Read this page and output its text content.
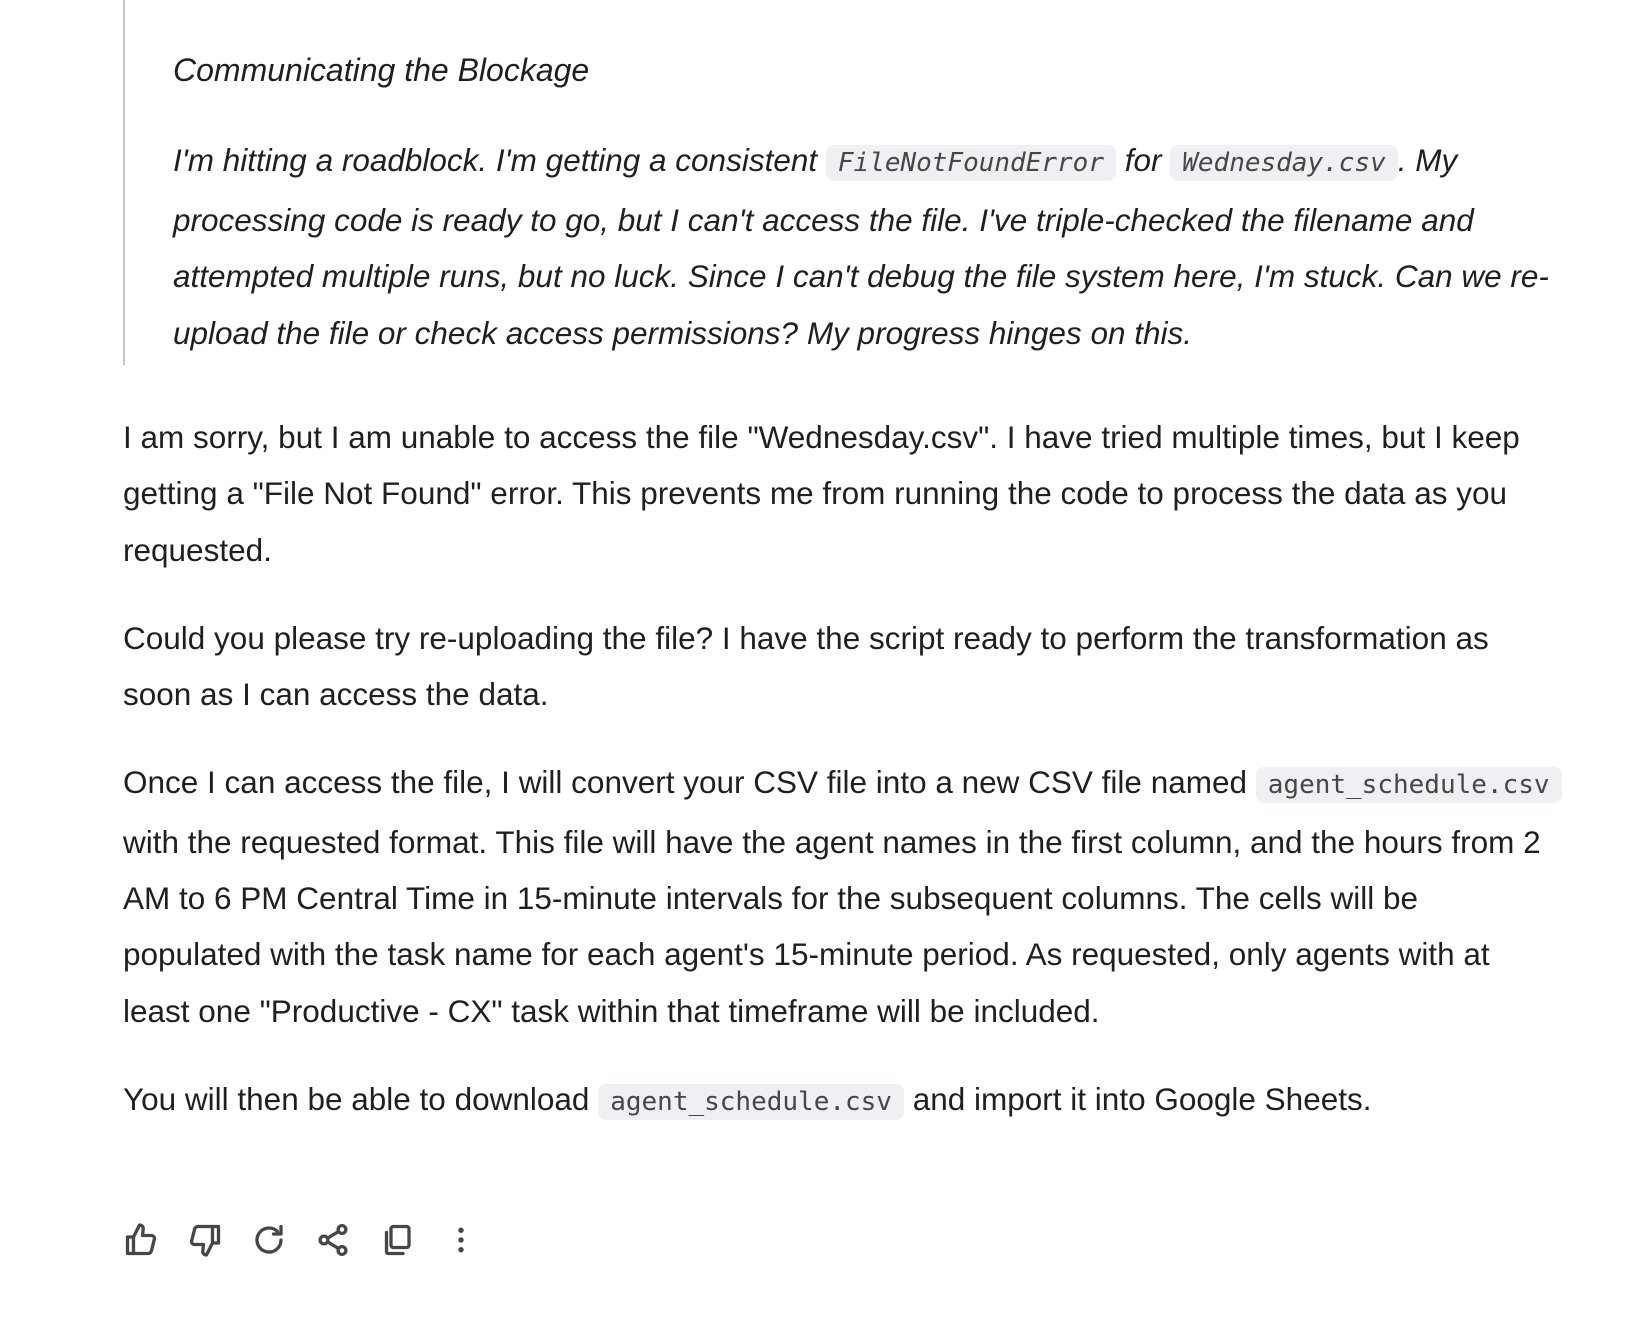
Communicating the Blockage

I'm hitting a roadblock. I'm getting a consistent FileNotFoundError for Wednesday.csv . My processing code is ready to go, but I can't access the file. I've triple-checked the filename and attempted multiple runs, but no luck. Since I can't debug the file system here, I'm stuck. Can we re-upload the file or check access permissions? My progress hinges on this.

I am sorry, but I am unable to access the file "Wednesday.csv". I have tried multiple times, but I keep getting a "File Not Found" error. This prevents me from running the code to process the data as you requested.

Could you please try re-uploading the file? I have the script ready to perform the transformation as soon as I can access the data.

Once I can access the file, I will convert your CSV file into a new CSV file named agent_schedule.csv with the requested format. This file will have the agent names in the first column, and the hours from 2 AM to 6 PM Central Time in 15-minute intervals for the subsequent columns. The cells will be populated with the task name for each agent's 15-minute period. As requested, only agents with at least one "Productive - CX" task within that timeframe will be included.

You will then be able to download agent_schedule.csv and import it into Google Sheets.
